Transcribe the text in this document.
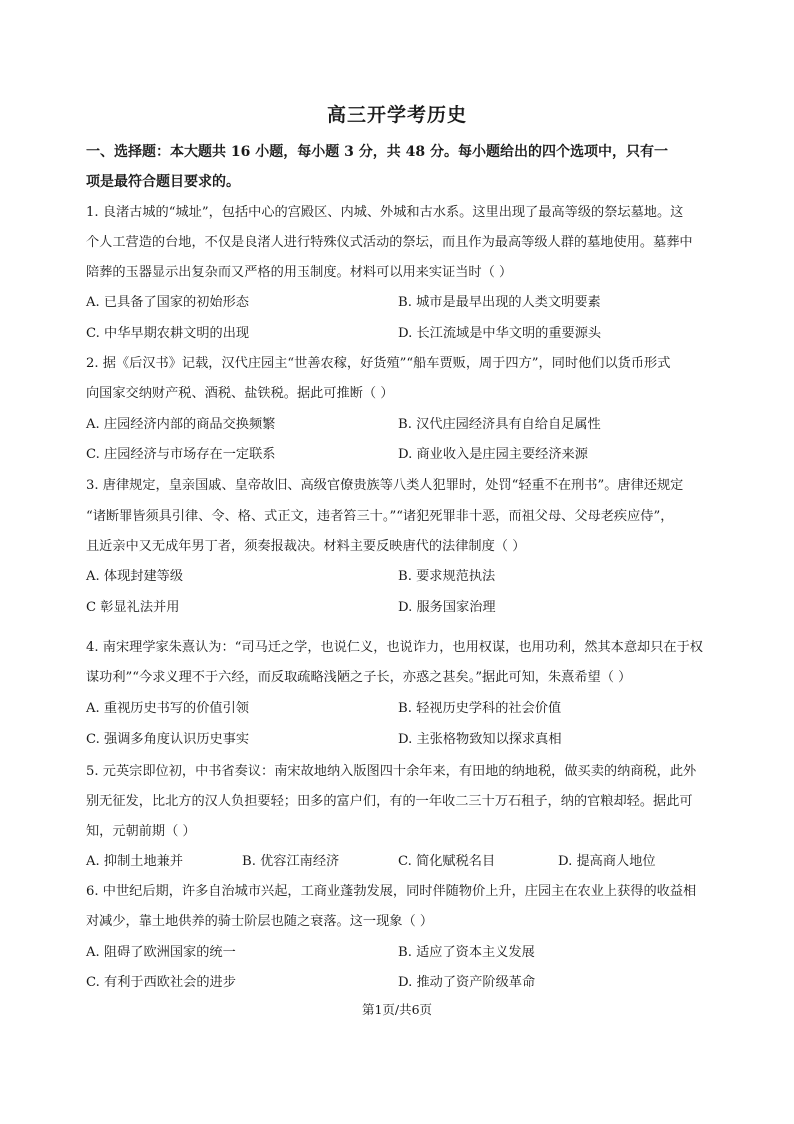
高三开学考历史
一、选择题：本大题共 16 小题，每小题 3 分，共 48 分。每小题给出的四个选项中，只有一
项是最符合题目要求的。
1. 良渚古城的“城址”，包括中心的宫殿区、内城、外城和古水系。这里出现了最高等级的祭坛墓地。这
个人工营造的台地，不仅是良渚人进行特殊仪式活动的祭坛，而且作为最高等级人群的墓地使用。墓葬中
陪葬的玉器显示出复杂而又严格的用玉制度。材料可以用来实证当时（ ）
A. 已具备了国家的初始形态	B. 城市是最早出现的人类文明要素
C. 中华早期农耕文明的出现	D. 长江流域是中华文明的重要源头
2. 据《后汉书》记载，汉代庄园主“世善农稼，好货殖”“船车贾贩，周于四方”，同时他们以货币形式
向国家交纳财产税、酒税、盐铁税。据此可推断（ ）
A. 庄园经济内部的商品交换频繁	B. 汉代庄园经济具有自给自足属性
C. 庄园经济与市场存在一定联系	D. 商业收入是庄园主要经济来源
3. 唐律规定，皇亲国戚、皇帝故旧、高级官僚贵族等八类人犯罪时，处罚“轻重不在刑书”。唐律还规定
“诸断罪皆须具引律、令、格、式正文，违者笞三十。”“诸犯死罪非十恶，而祖父母、父母老疾应侍”，
且近亲中又无成年男丁者，须奏报裁决。材料主要反映唐代的法律制度（ ）
A. 体现封建等级	B. 要求规范执法
C 彰显礼法并用	D. 服务国家治理
4. 南宋理学家朱熹认为：“司马迁之学，也说仁义，也说诈力，也用权谋，也用功利，然其本意却只在于权
谋功利”“今求义理不于六经，而反取疏略浅陋之子长，亦惑之甚矣。”据此可知，朱熹希望（ ）
A. 重视历史书写的价值引领	B. 轻视历史学科的社会价值
C. 强调多角度认识历史事实	D. 主张格物致知以探求真相
5. 元英宗即位初，中书省奏议：南宋故地纳入版图四十余年来，有田地的纳地税，做买卖的纳商税，此外
别无征发，比北方的汉人负担要轻；田多的富户们，有的一年收二三十万石租子，纳的官粮却轻。据此可
知，元朝前期（ ）
A. 抑制土地兼并	B. 优容江南经济	C. 简化赋税名目	D. 提高商人地位
6. 中世纪后期，许多自治城市兴起，工商业蓬勃发展，同时伴随物价上升，庄园主在农业上获得的收益相
对减少，靠土地供养的骑士阶层也随之衰落。这一现象（ ）
A. 阻碍了欧洲国家的统一	B. 适应了资本主义发展
C. 有利于西欧社会的进步	D. 推动了资产阶级革命
第1页/共6页
